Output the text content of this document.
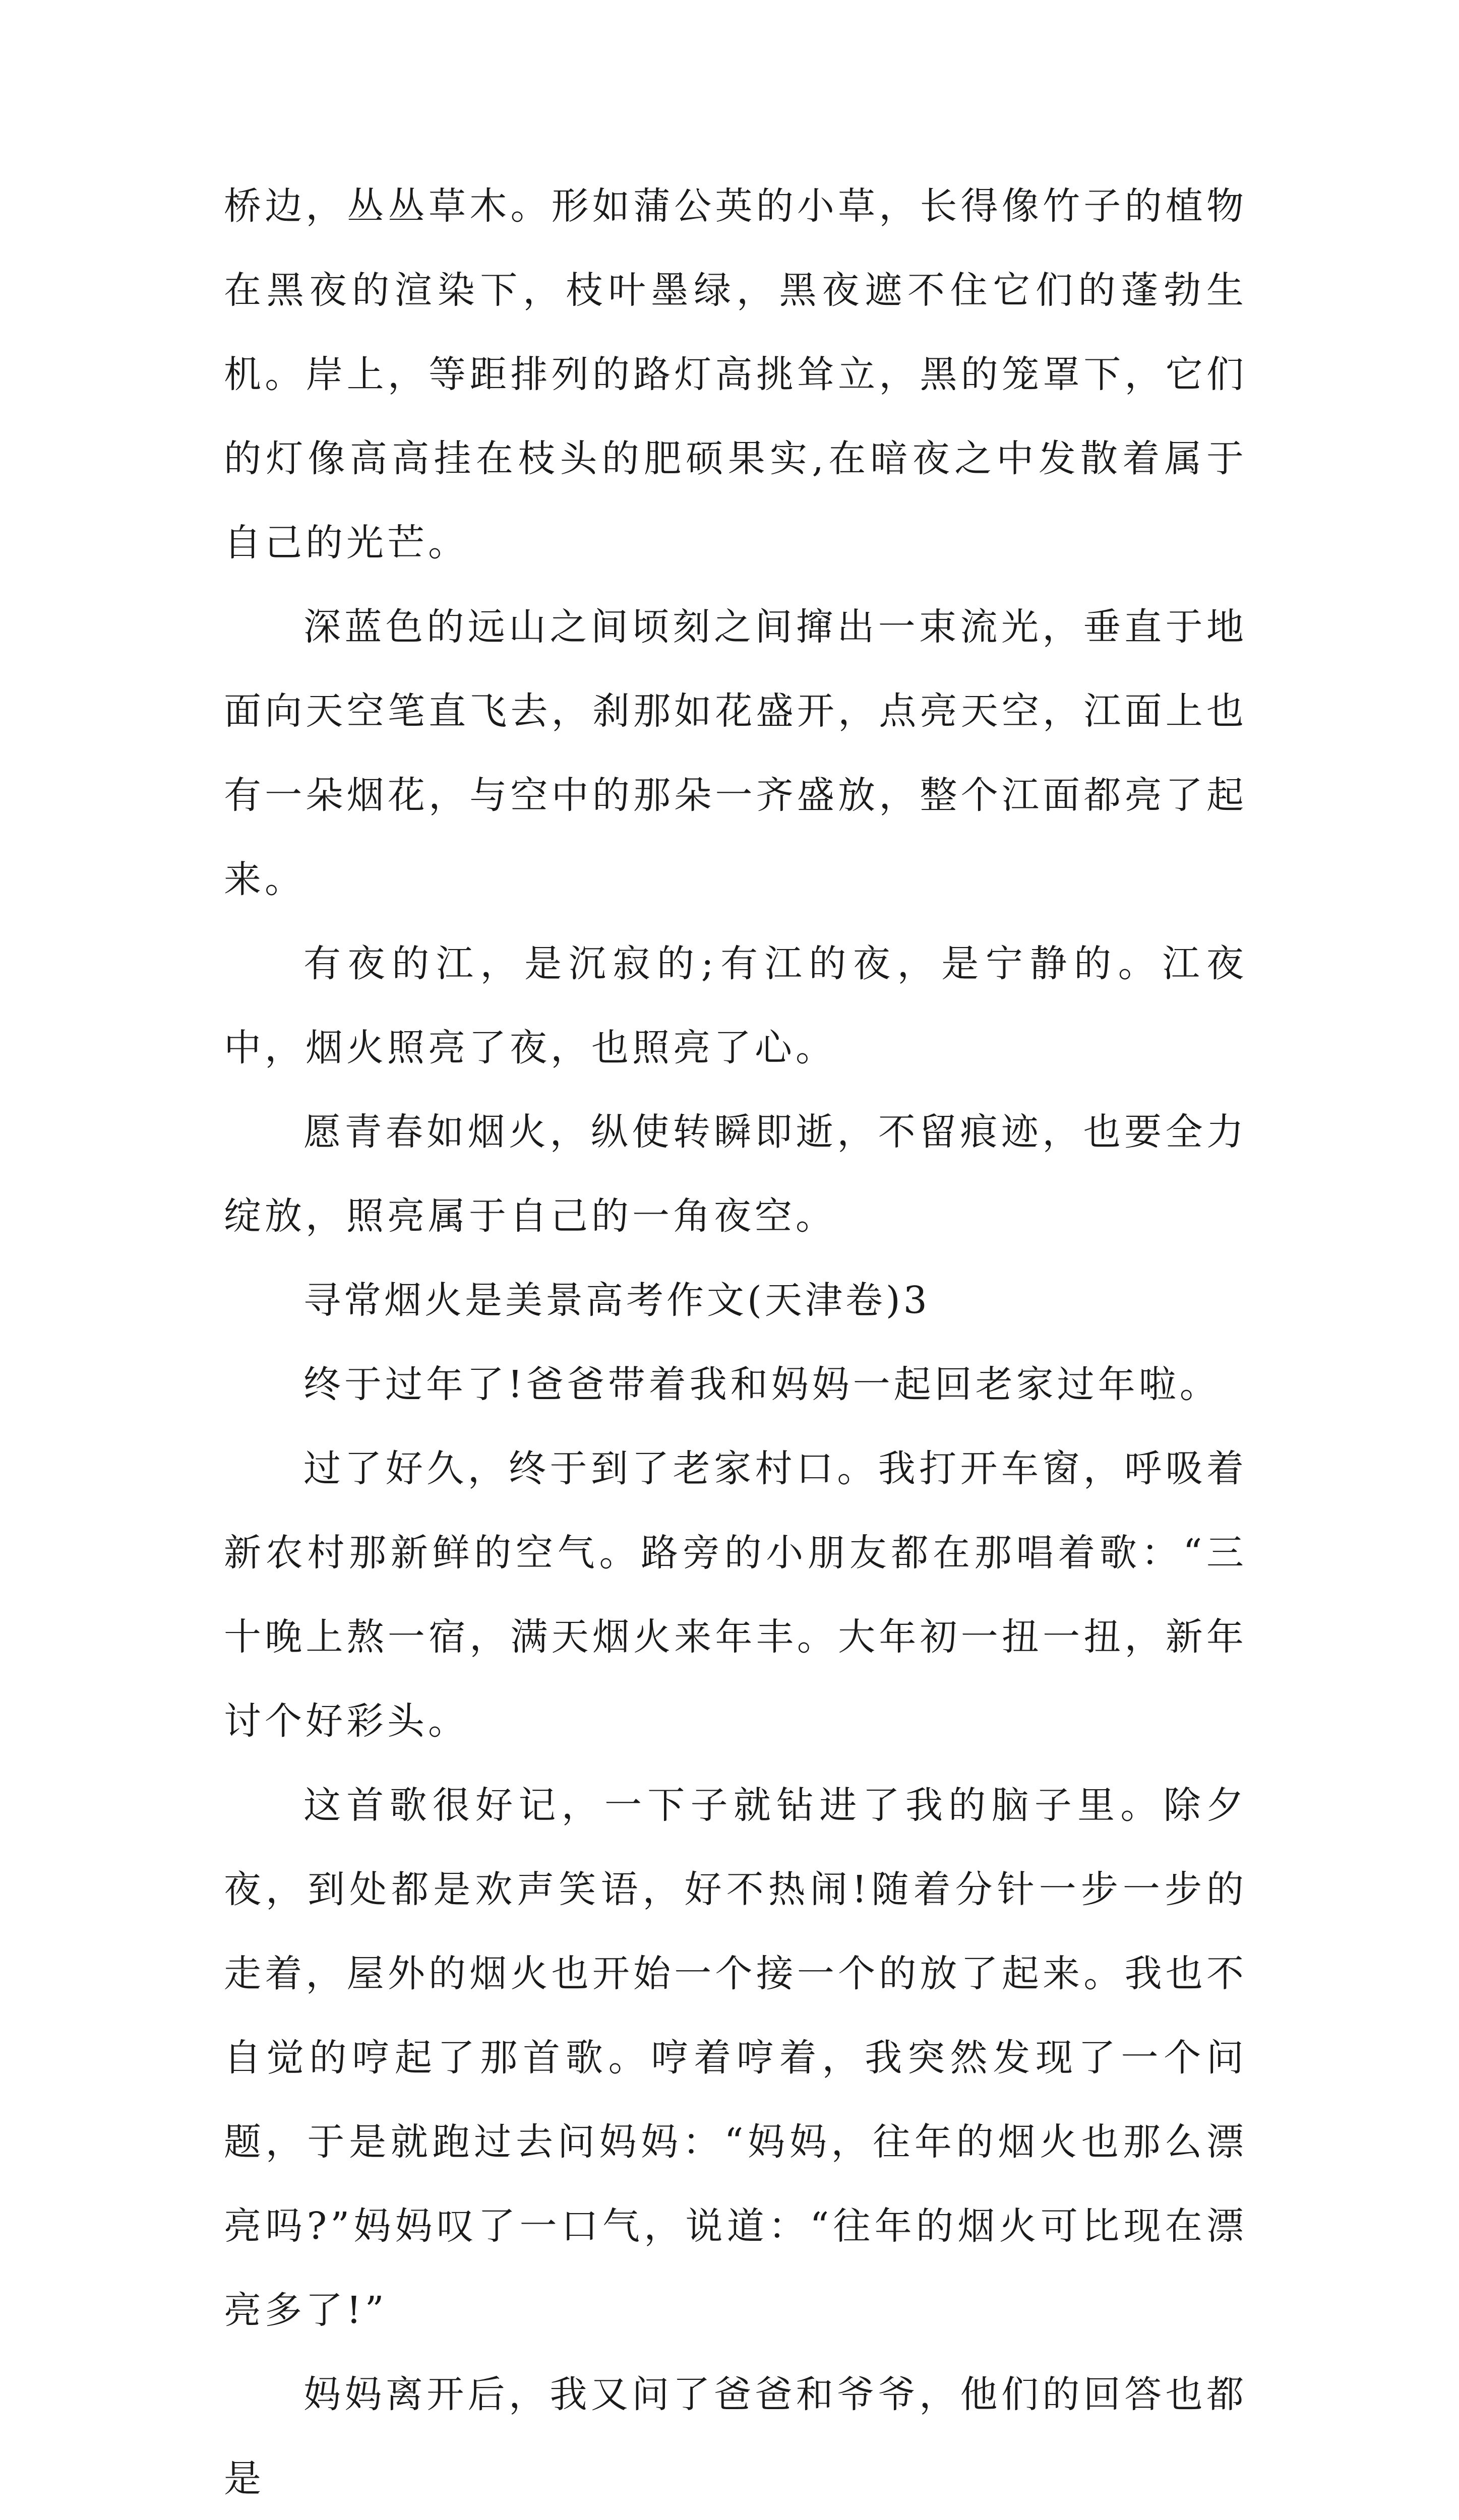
桥边，丛丛草木。形如蒲公英的小草，长得像竹子的植物在黑夜的渲染下，枝叶墨绿，黑夜遮不住它们的蓬勃生机。岸上，等距排列的路灯高挑耸立，黑的笼罩下，它们的灯像高高挂在枝头的肥硕果实,在暗夜之中发散着属于自己的光芒。

深蓝色的远山之间顷刻之间撺出一束流光，垂直于地面向天空笔直飞去，刹那如花盛开，点亮天空，江面上也有一朵烟花，与空中的那朵一齐盛放，整个江面都亮了起来。

有夜的江，是沉寂的;有江的夜，是宁静的。江夜中，烟火照亮了夜，也照亮了心。

愿青春如烟火，纵使转瞬即逝，不留痕迹，也要全力绽放，照亮属于自己的一角夜空。

寻常烟火是美景高考作文(天津卷)3

终于过年了!爸爸带着我和妈妈一起回老家过年啦。

过了好久，终于到了老家村口。我打开车窗，呼吸着新农村那新鲜的空气。路旁的小朋友都在那唱着歌：“三十晚上熬一宿，满天烟火来年丰。大年初一扭一扭，新年讨个好彩头。

这首歌很好记，一下子就钻进了我的脑子里。除夕夜，到处都是欢声笑语，好不热闹!随着分针一步一步的走着，屋外的烟火也开始一个接一个的放了起来。我也不自觉的哼起了那首歌。哼着哼着，我突然发现了一个问题，于是就跑过去问妈妈：“妈妈，往年的烟火也那么漂亮吗?”妈妈叹了一口气，说道：“往年的烟火可比现在漂亮多了!”

妈妈离开后，我又问了爸爸和爷爷，他们的回答也都是
